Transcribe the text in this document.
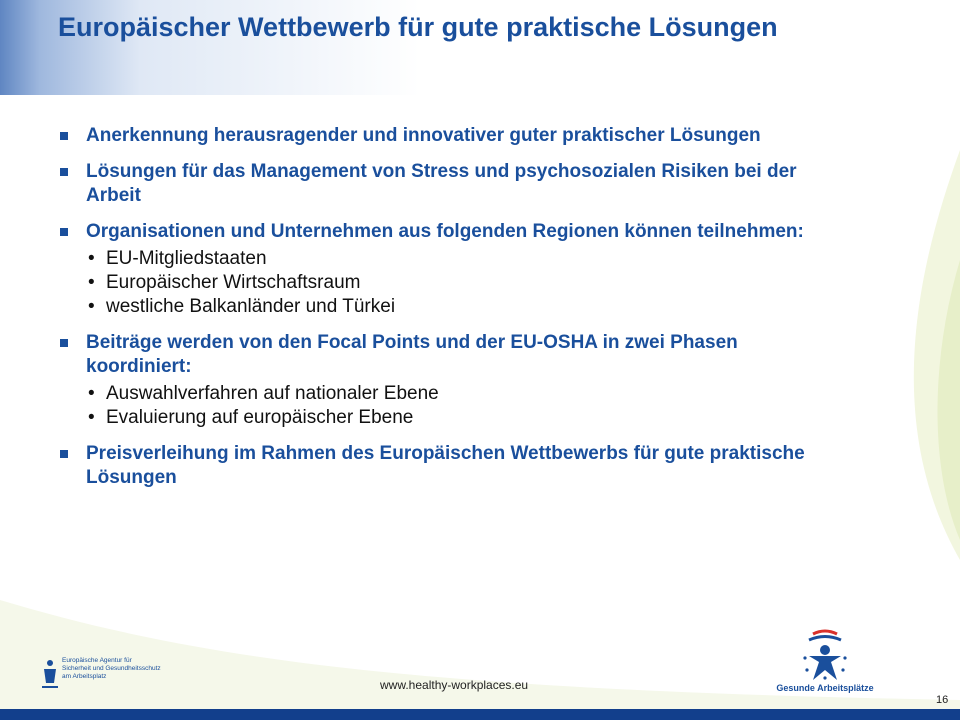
Europäischer Wettbewerb für gute praktische Lösungen
Anerkennung herausragender und innovativer guter praktischer Lösungen
Lösungen für das Management von Stress und psychosozialen Risiken bei der Arbeit
Organisationen und Unternehmen aus folgenden Regionen können teilnehmen:
• EU-Mitgliedstaaten
• Europäischer Wirtschaftsraum
• westliche Balkanländer und Türkei
Beiträge werden von den Focal Points und der EU-OSHA in zwei Phasen koordiniert:
• Auswahlverfahren auf nationaler Ebene
• Evaluierung auf europäischer Ebene
Preisverleihung im Rahmen des Europäischen Wettbewerbs für gute praktische Lösungen
Europäische Agentur für
Sicherheit und Gesundheitsschutz
am Arbeitsplatz
www.healthy-workplaces.eu	Gesunde Arbeitsplätze
16
